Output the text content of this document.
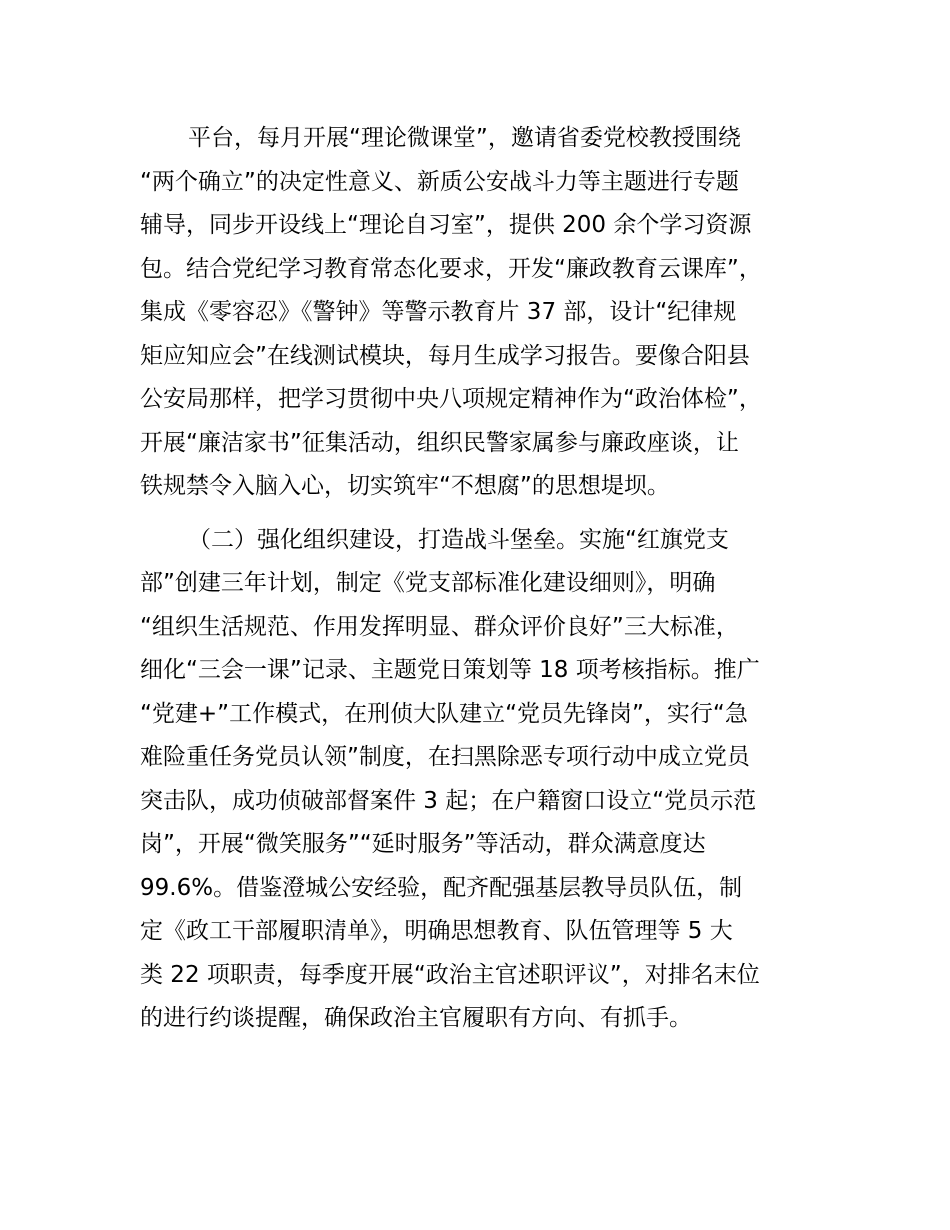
平台，每月开展“理论微课堂”，邀请省委党校教授围绕
“两个确立”的决定性意义、新质公安战斗力等主题进行专题
辅导，同步开设线上“理论自习室”，提供 200 余个学习资源
包。结合党纪学习教育常态化要求，开发“廉政教育云课库”，
集成《零容忍》《警钟》等警示教育片 37 部，设计“纪律规
矩应知应会”在线测试模块，每月生成学习报告。要像合阳县
公安局那样，把学习贯彻中央八项规定精神作为“政治体检”，
开展“廉洁家书”征集活动，组织民警家属参与廉政座谈，让
铁规禁令入脑入心，切实筑牢“不想腐”的思想堤坝。

（二）强化组织建设，打造战斗堡垒。实施“红旗党支
部”创建三年计划，制定《党支部标准化建设细则》，明确
“组织生活规范、作用发挥明显、群众评价良好”三大标准，
细化“三会一课”记录、主题党日策划等 18 项考核指标。推广
“党建+”工作模式，在刑侦大队建立“党员先锋岗”，实行“急
难险重任务党员认领”制度，在扫黑除恶专项行动中成立党员
突击队，成功侦破部督案件 3 起；在户籍窗口设立“党员示范
岗”，开展“微笑服务”“延时服务”等活动，群众满意度达
99.6%。借鉴澄城公安经验，配齐配强基层教导员队伍，制
定《政工干部履职清单》，明确思想教育、队伍管理等 5 大
类 22 项职责，每季度开展“政治主官述职评议”，对排名末位
的进行约谈提醒，确保政治主官履职有方向、有抓手。
